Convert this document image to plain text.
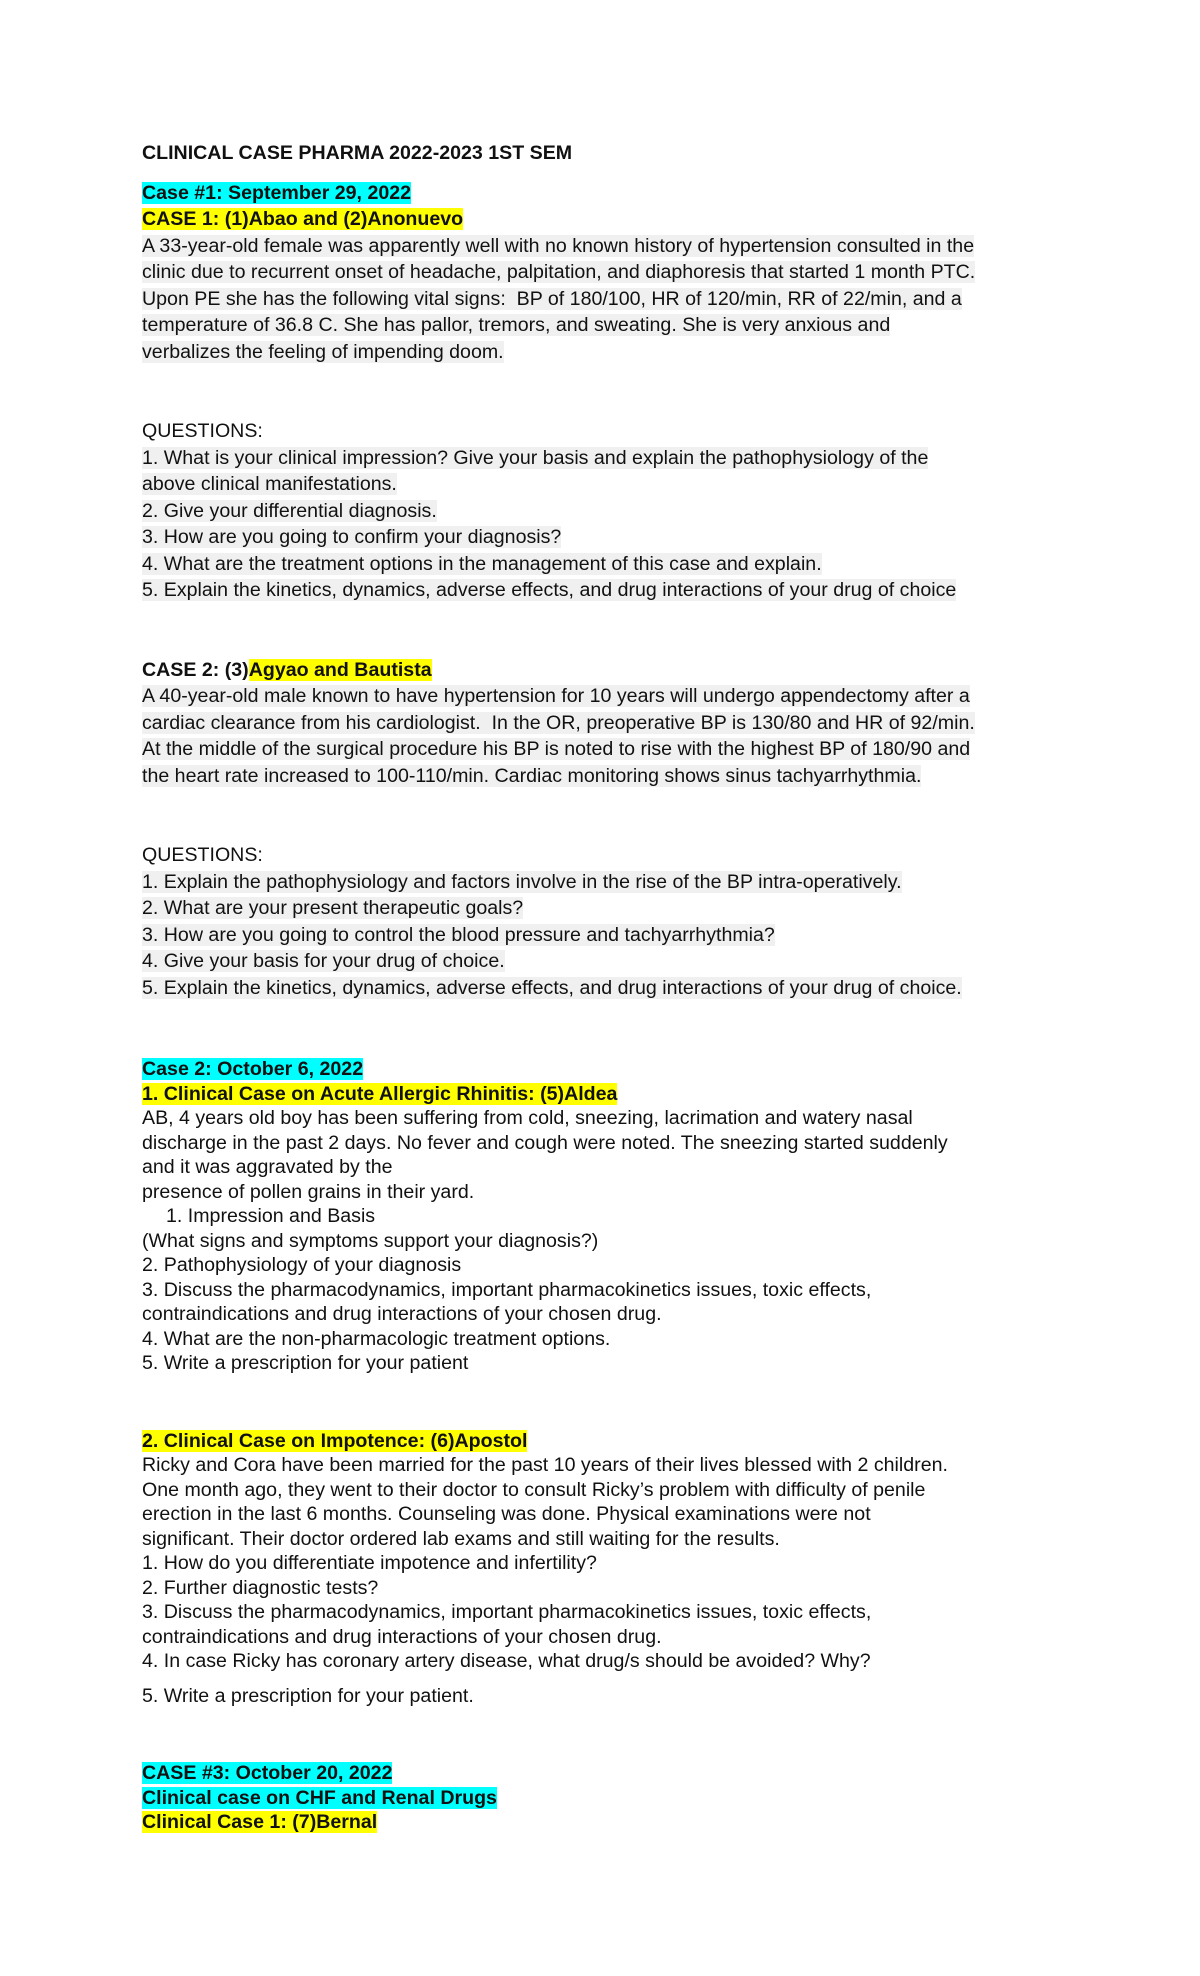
CLINICAL CASE PHARMA 2022-2023 1ST SEM
Case #1: September 29, 2022
CASE 1: (1)Abao and (2)Anonuevo
A 33-year-old female was apparently well with no known history of hypertension consulted in the
clinic due to recurrent onset of headache, palpitation, and diaphoresis that started 1 month PTC.
Upon PE she has the following vital signs:  BP of 180/100, HR of 120/min, RR of 22/min, and a
temperature of 36.8 C. She has pallor, tremors, and sweating. She is very anxious and
verbalizes the feeling of impending doom.
QUESTIONS:
1. What is your clinical impression? Give your basis and explain the pathophysiology of the
above clinical manifestations.
2. Give your differential diagnosis.
3. How are you going to confirm your diagnosis?
4. What are the treatment options in the management of this case and explain.
5. Explain the kinetics, dynamics, adverse effects, and drug interactions of your drug of choice
CASE 2: (3)Agyao and Bautista
A 40-year-old male known to have hypertension for 10 years will undergo appendectomy after a
cardiac clearance from his cardiologist.  In the OR, preoperative BP is 130/80 and HR of 92/min.
At the middle of the surgical procedure his BP is noted to rise with the highest BP of 180/90 and
the heart rate increased to 100-110/min. Cardiac monitoring shows sinus tachyarrhythmia.
QUESTIONS:
1. Explain the pathophysiology and factors involve in the rise of the BP intra-operatively.
2. What are your present therapeutic goals?
3. How are you going to control the blood pressure and tachyarrhythmia?
4. Give your basis for your drug of choice.
5. Explain the kinetics, dynamics, adverse effects, and drug interactions of your drug of choice.
Case 2: October 6, 2022
1. Clinical Case on Acute Allergic Rhinitis: (5)Aldea
AB, 4 years old boy has been suffering from cold, sneezing, lacrimation and watery nasal
discharge in the past 2 days. No fever and cough were noted. The sneezing started suddenly
and it was aggravated by the
presence of pollen grains in their yard.
1. Impression and Basis
(What signs and symptoms support your diagnosis?)
2. Pathophysiology of your diagnosis
3. Discuss the pharmacodynamics, important pharmacokinetics issues, toxic effects,
contraindications and drug interactions of your chosen drug.
4. What are the non-pharmacologic treatment options.
5. Write a prescription for your patient
2. Clinical Case on Impotence: (6)Apostol
Ricky and Cora have been married for the past 10 years of their lives blessed with 2 children.
One month ago, they went to their doctor to consult Ricky’s problem with difficulty of penile
erection in the last 6 months. Counseling was done. Physical examinations were not
significant. Their doctor ordered lab exams and still waiting for the results.
1. How do you differentiate impotence and infertility?
2. Further diagnostic tests?
3. Discuss the pharmacodynamics, important pharmacokinetics issues, toxic effects,
contraindications and drug interactions of your chosen drug.
4. In case Ricky has coronary artery disease, what drug/s should be avoided? Why?
5. Write a prescription for your patient.
CASE #3: October 20, 2022
Clinical case on CHF and Renal Drugs
Clinical Case 1: (7)Bernal
